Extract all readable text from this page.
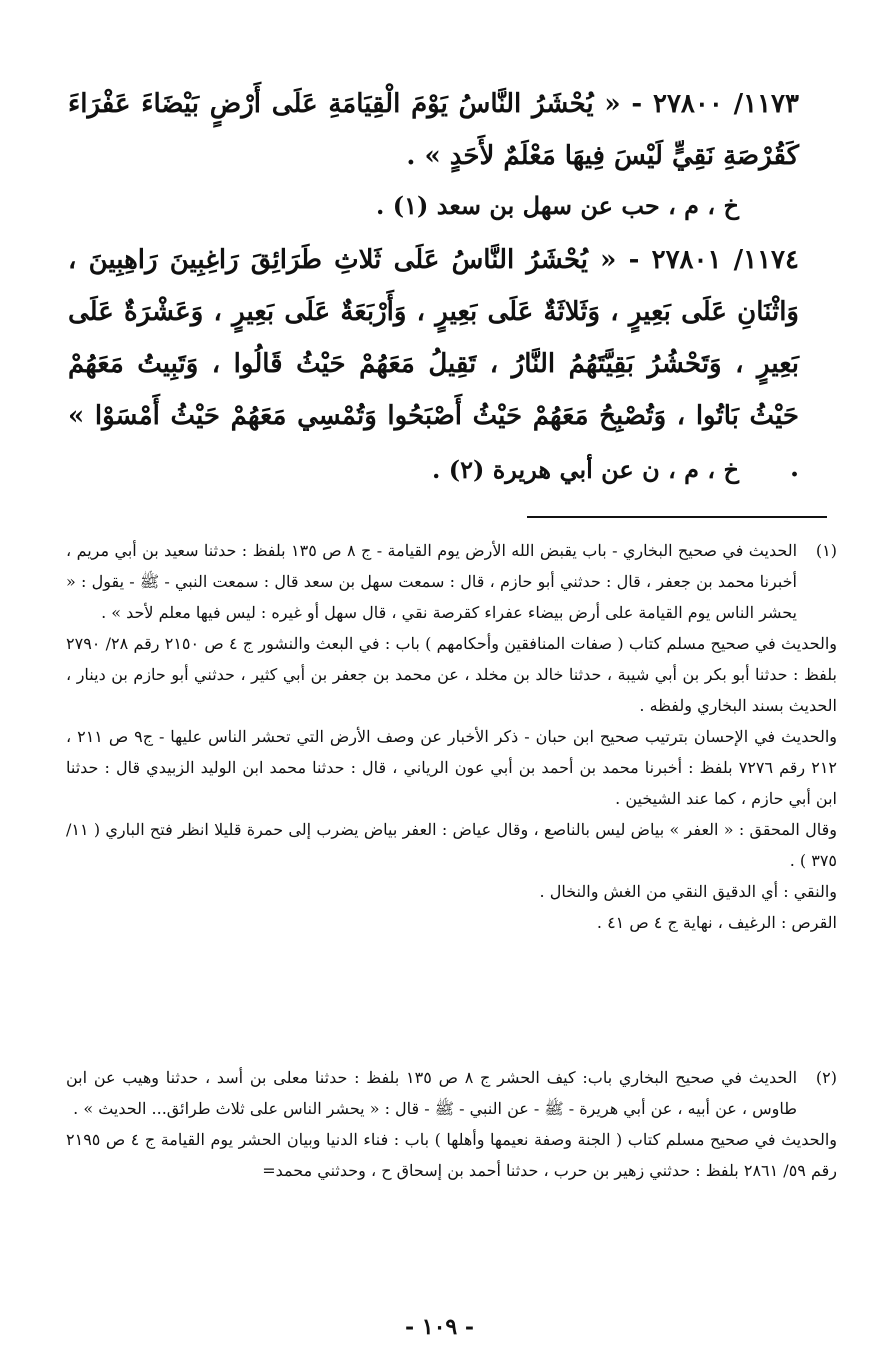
١١٧٣/ ٢٧٨٠٠ - « يُحْشَرُ النَّاسُ يَوْمَ الْقِيَامَةِ عَلَى أَرْضٍ بَيْضَاءَ عَفْرَاءَ كَقُرْصَةِ نَقِيٍّ لَيْسَ فِيهَا مَعْلَمٌ لأَحَدٍ » .
خ ، م ، حب عن سهل بن سعد (١) .
١١٧٤/ ٢٧٨٠١ - « يُحْشَرُ النَّاسُ عَلَى ثَلاثِ طَرَائِقَ رَاغِبِينَ رَاهِبِينَ ، وَاثْنَانِ عَلَى بَعِيرٍ ، وَثَلاثَةٌ عَلَى بَعِيرٍ ، وَأَرْبَعَةٌ عَلَى بَعِيرٍ ، وَعَشْرَةٌ عَلَى بَعِيرٍ ، وَتَحْشُرُ بَقِيَّتَهُمُ النَّارُ ، تَقِيلُ مَعَهُمْ حَيْثُ قَالُوا ، وَتَبِيتُ مَعَهُمْ حَيْثُ بَاتُوا ، وَتُصْبِحُ مَعَهُمْ حَيْثُ أَصْبَحُوا وَتُمْسِي مَعَهُمْ حَيْثُ أَمْسَوْا » .
خ ، م ، ن عن أبي هريرة (٢) .
(١)

الحديث في صحيح البخاري - باب يقبض الله الأرض يوم القيامة - ج ٨ ص ١٣٥ بلفظ : حدثنا سعيد بن أبي مريم ، أخبرنا محمد بن جعفر ، قال : حدثني أبو حازم ، قال : سمعت سهل بن سعد قال : سمعت النبي - ﷺ - يقول : « يحشر الناس يوم القيامة على أرض بيضاء عفراء كقرصة نقي ، قال سهل أو غيره : ليس فيها معلم لأحد » .

والحديث في صحيح مسلم كتاب ( صفات المنافقين وأحكامهم ) باب : في البعث والنشور ج ٤ ص ٢١٥٠ رقم ٢٨/ ٢٧٩٠ بلفظ : حدثنا أبو بكر بن أبي شيبة ، حدثنا خالد بن مخلد ، عن محمد بن جعفر بن أبي كثير ، حدثني أبو حازم بن دينار ، الحديث بسند البخاري ولفظه .

والحديث في الإحسان بترتيب صحيح ابن حبان - ذكر الأخبار عن وصف الأرض التي تحشر الناس عليها - ج٩ ص ٢١١ ، ٢١٢ رقم ٧٢٧٦ بلفظ : أخبرنا محمد بن أحمد بن أبي عون الرياني ، قال : حدثنا محمد ابن الوليد الزبيدي قال : حدثنا ابن أبي حازم ، كما عند الشيخين .

وقال المحقق : « العفر » بياض ليس بالناصع ، وقال عياض : العفر بياض يضرب إلى حمرة قليلا انظر فتح الباري ( ١١/ ٣٧٥ ) .

والنقي : أي الدقيق النقي من الغش والنخال .

القرص : الرغيف ، نهاية ج ٤ ص ٤١ .

(٢)

الحديث في صحيح البخاري باب: كيف الحشر ج ٨ ص ١٣٥ بلفظ : حدثنا معلى بن أسد ، حدثنا وهيب عن ابن طاوس ، عن أبيه ، عن أبي هريرة - ﷺ - عن النبي - ﷺ - قال : « يحشر الناس على ثلاث طرائق... الحديث » .

والحديث في صحيح مسلم كتاب ( الجنة وصفة نعيمها وأهلها ) باب : فناء الدنيا وبيان الحشر يوم القيامة ج ٤ ص ٢١٩٥ رقم ٥٩/ ٢٨٦١ بلفظ : حدثني زهير بن حرب ، حدثنا أحمد بن إسحاق ح ، وحدثني محمد=

- ١٠٩ -
